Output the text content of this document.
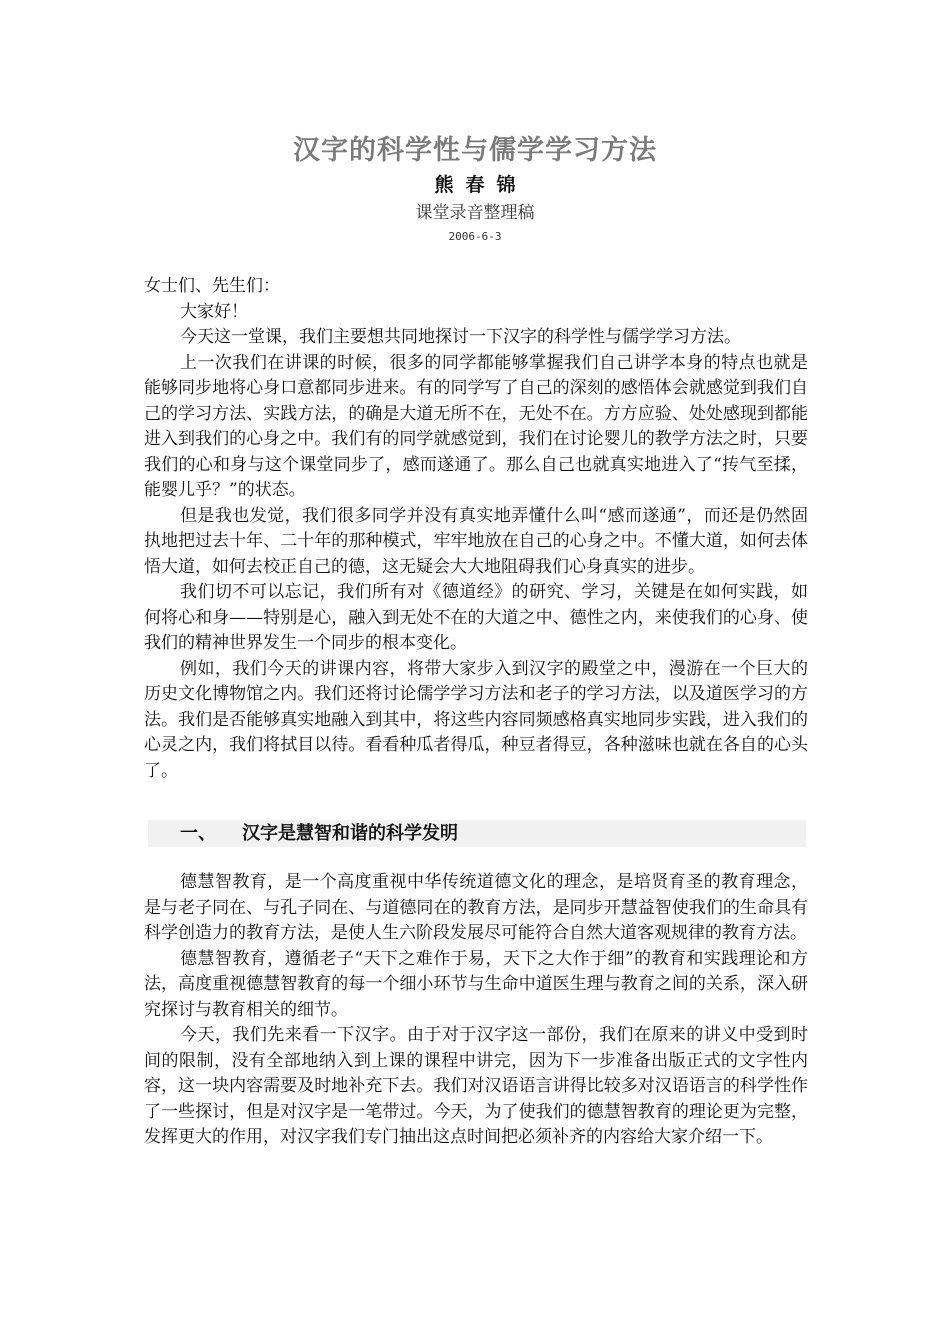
汉字的科学性与儒学学习方法
熊春锦
课堂录音整理稿
2006-6-3

女士们、先生们：

大家好！

今天这一堂课，我们主要想共同地探讨一下汉字的科学性与儒学学习方法。

上一次我们在讲课的时候，很多的同学都能够掌握我们自己讲学本身的特点也就是能够同步地将心身口意都同步进来。有的同学写了自己的深刻的感悟体会就感觉到我们自己的学习方法、实践方法，的确是大道无所不在，无处不在。方方应验、处处感现到都能进入到我们的心身之中。我们有的同学就感觉到，我们在讨论婴儿的教学方法之时，只要我们的心和身与这个课堂同步了，感而遂通了。那么自己也就真实地进入了“抟气至揉，能婴儿乎？”的状态。

但是我也发觉，我们很多同学并没有真实地弄懂什么叫“感而遂通”，而还是仍然固执地把过去十年、二十年的那种模式，牢牢地放在自己的心身之中。不懂大道，如何去体悟大道，如何去校正自己的德，这无疑会大大地阻碍我们心身真实的进步。

我们切不可以忘记，我们所有对《德道经》的研究、学习，关键是在如何实践，如何将心和身——特别是心，融入到无处不在的大道之中、德性之内，来使我们的心身、使我们的精神世界发生一个同步的根本变化。

例如，我们今天的讲课内容，将带大家步入到汉字的殿堂之中，漫游在一个巨大的历史文化博物馆之内。我们还将讨论儒学学习方法和老子的学习方法，以及道医学习的方法。我们是否能够真实地融入到其中，将这些内容同频感格真实地同步实践，进入我们的心灵之内，我们将拭目以待。看看种瓜者得瓜，种豆者得豆，各种滋味也就在各自的心头了。

一、 汉字是慧智和谐的科学发明

德慧智教育，是一个高度重视中华传统道德文化的理念，是培贤育圣的教育理念，是与老子同在、与孔子同在、与道德同在的教育方法，是同步开慧益智使我们的生命具有科学创造力的教育方法，是使人生六阶段发展尽可能符合自然大道客观规律的教育方法。

德慧智教育，遵循老子“天下之难作于易，天下之大作于细”的教育和实践理论和方法，高度重视德慧智教育的每一个细小环节与生命中道医生理与教育之间的关系，深入研究探讨与教育相关的细节。

今天，我们先来看一下汉字。由于对于汉字这一部份，我们在原来的讲义中受到时间的限制，没有全部地纳入到上课的课程中讲完，因为下一步准备出版正式的文字性内容，这一块内容需要及时地补充下去。我们对汉语语言讲得比较多对汉语语言的科学性作了一些探讨，但是对汉字是一笔带过。今天，为了使我们的德慧智教育的理论更为完整，发挥更大的作用，对汉字我们专门抽出这点时间把必须补齐的内容给大家介绍一下。
